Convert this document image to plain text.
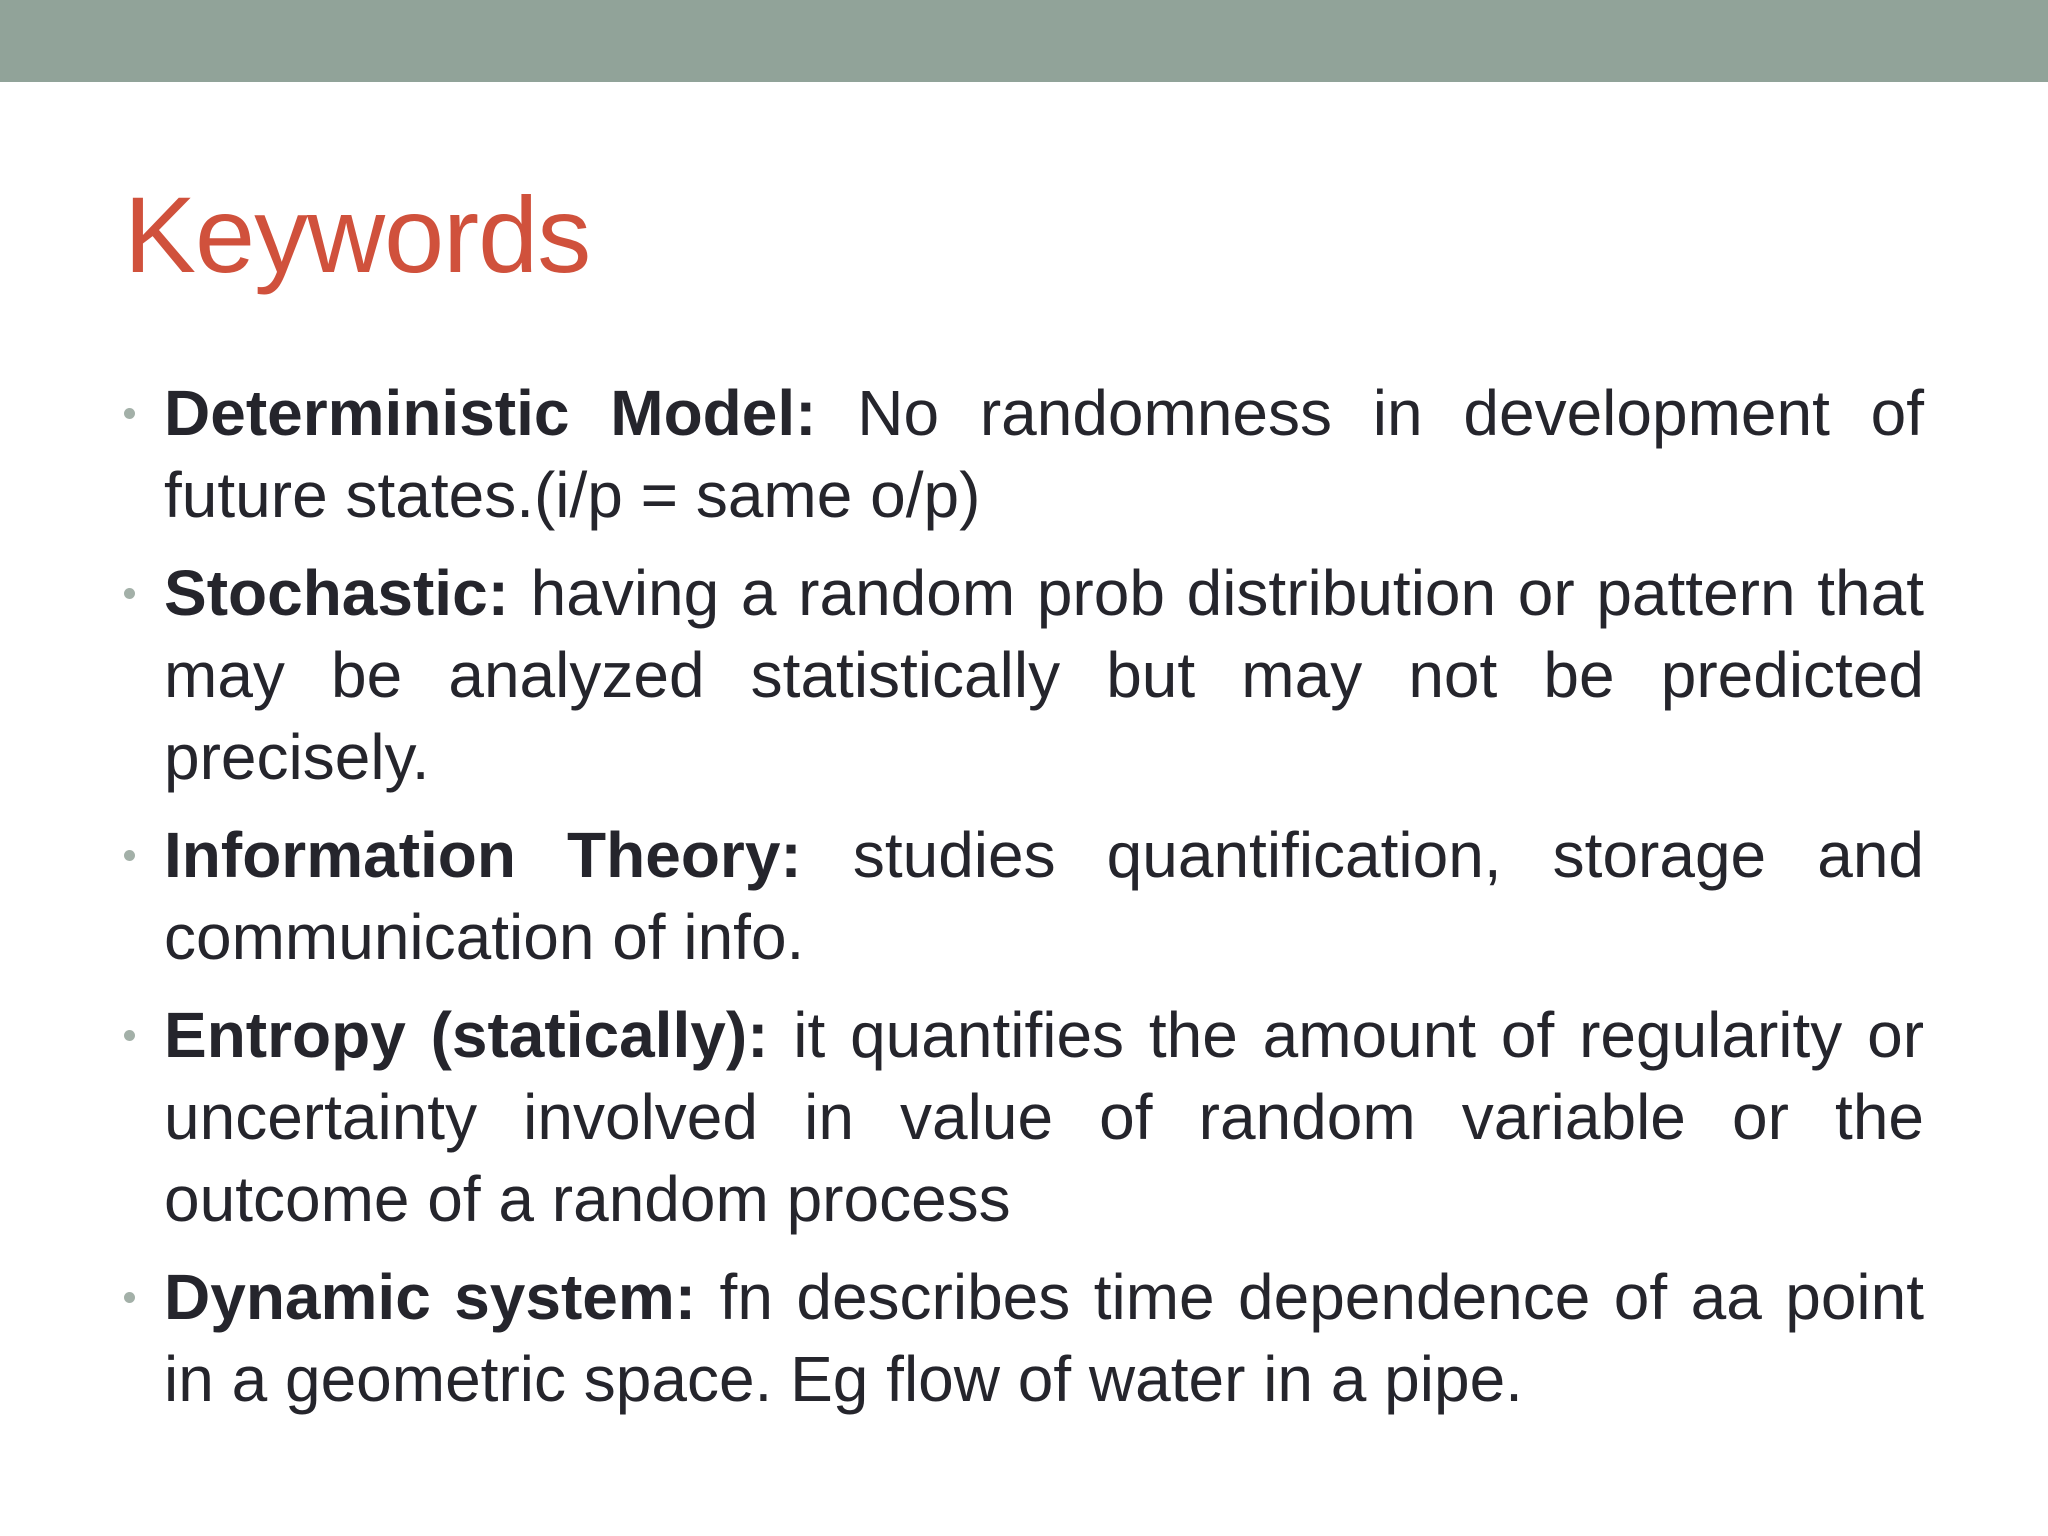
Keywords
Deterministic Model: No randomness in development of future states.(i/p = same o/p)
Stochastic: having a random prob distribution or pattern that may be analyzed statistically but may not be predicted precisely.
Information Theory: studies quantification, storage and communication of info.
Entropy (statically): it quantifies the amount of regularity or uncertainty involved in value of random variable or the outcome of a random process
Dynamic system: fn describes time dependence of aa point in a geometric space. Eg flow of water in a pipe.
